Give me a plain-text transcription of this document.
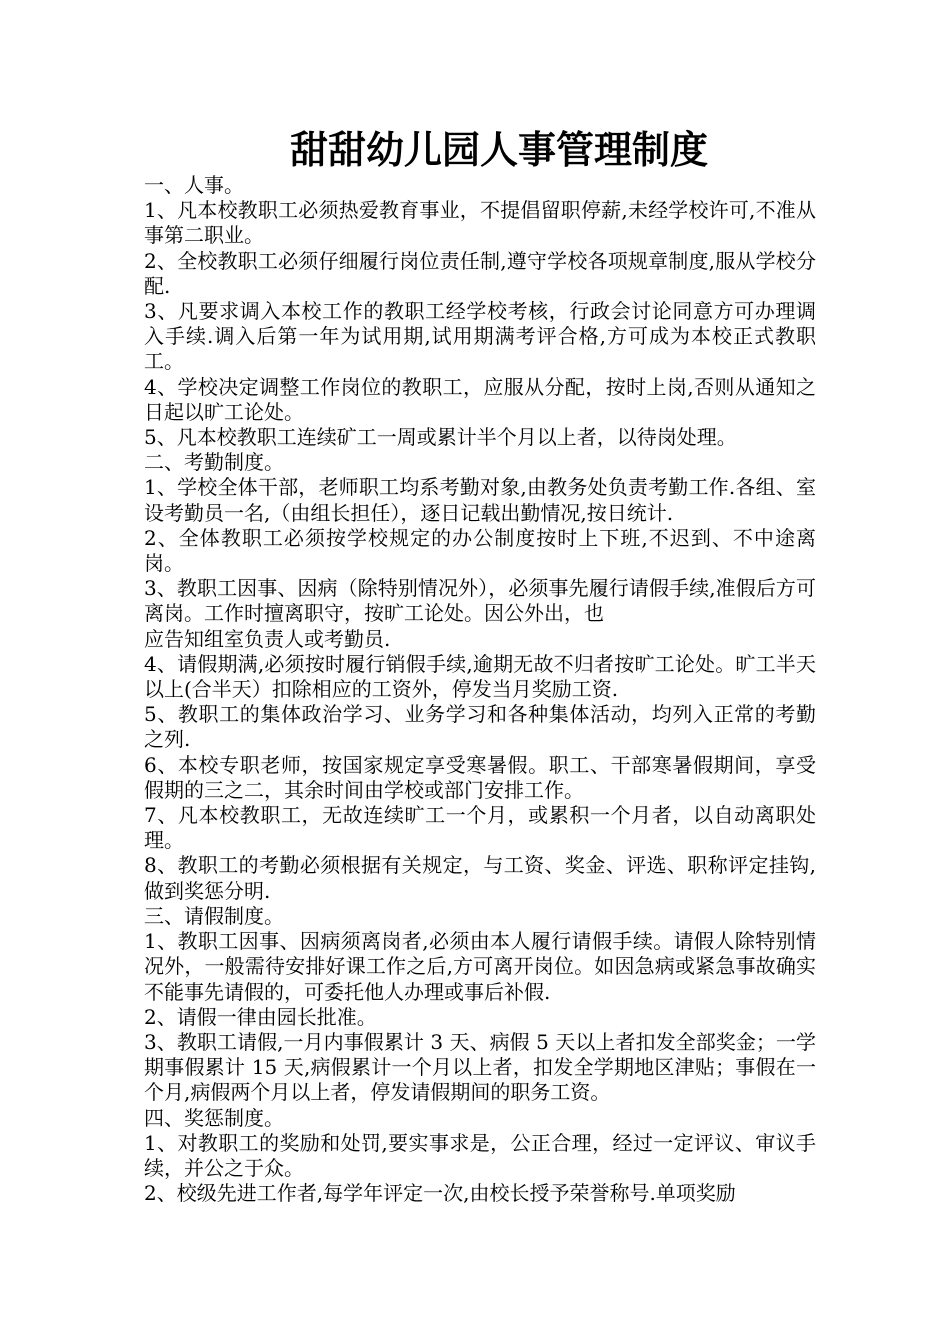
甜甜幼儿园人事管理制度

一、人事。

1、凡本校教职工必须热爱教育事业，不提倡留职停薪,未经学校许可,不准从事第二职业。

2、全校教职工必须仔细履行岗位责任制,遵守学校各项规章制度,服从学校分配.

3、凡要求调入本校工作的教职工经学校考核，行政会讨论同意方可办理调入手续.调入后第一年为试用期,试用期满考评合格,方可成为本校正式教职工。

4、学校决定调整工作岗位的教职工，应服从分配，按时上岗,否则从通知之日起以旷工论处。

5、凡本校教职工连续矿工一周或累计半个月以上者，以待岗处理。

二、考勤制度。

1、学校全体干部，老师职工均系考勤对象,由教务处负责考勤工作.各组、室设考勤员一名,（由组长担任），逐日记载出勤情况,按日统计.

2、全体教职工必须按学校规定的办公制度按时上下班,不迟到、不中途离岗。

3、教职工因事、因病（除特别情况外），必须事先履行请假手续,准假后方可离岗。工作时擅离职守，按旷工论处。因公外出，也
应告知组室负责人或考勤员.

4、请假期满,必须按时履行销假手续,逾期无故不归者按旷工论处。旷工半天以上(合半天）扣除相应的工资外，停发当月奖励工资.

5、教职工的集体政治学习、业务学习和各种集体活动，均列入正常的考勤之列.

6、本校专职老师，按国家规定享受寒暑假。职工、干部寒暑假期间，享受假期的三之二，其余时间由学校或部门安排工作。

7、凡本校教职工，无故连续旷工一个月，或累积一个月者，以自动离职处理。

8、教职工的考勤必须根据有关规定，与工资、奖金、评选、职称评定挂钩,做到奖惩分明.

三、请假制度。

1、教职工因事、因病须离岗者,必须由本人履行请假手续。请假人除特别情况外，一般需待安排好课工作之后,方可离开岗位。如因急病或紧急事故确实不能事先请假的，可委托他人办理或事后补假.

2、请假一律由园长批准。

3、教职工请假,一月内事假累计 3 天、病假 5 天以上者扣发全部奖金；一学期事假累计 15 天,病假累计一个月以上者，扣发全学期地区津贴；事假在一个月,病假两个月以上者，停发请假期间的职务工资。

四、奖惩制度。

1、对教职工的奖励和处罚,要实事求是，公正合理，经过一定评议、审议手续，并公之于众。

2、校级先进工作者,每学年评定一次,由校长授予荣誉称号.单项奖励
